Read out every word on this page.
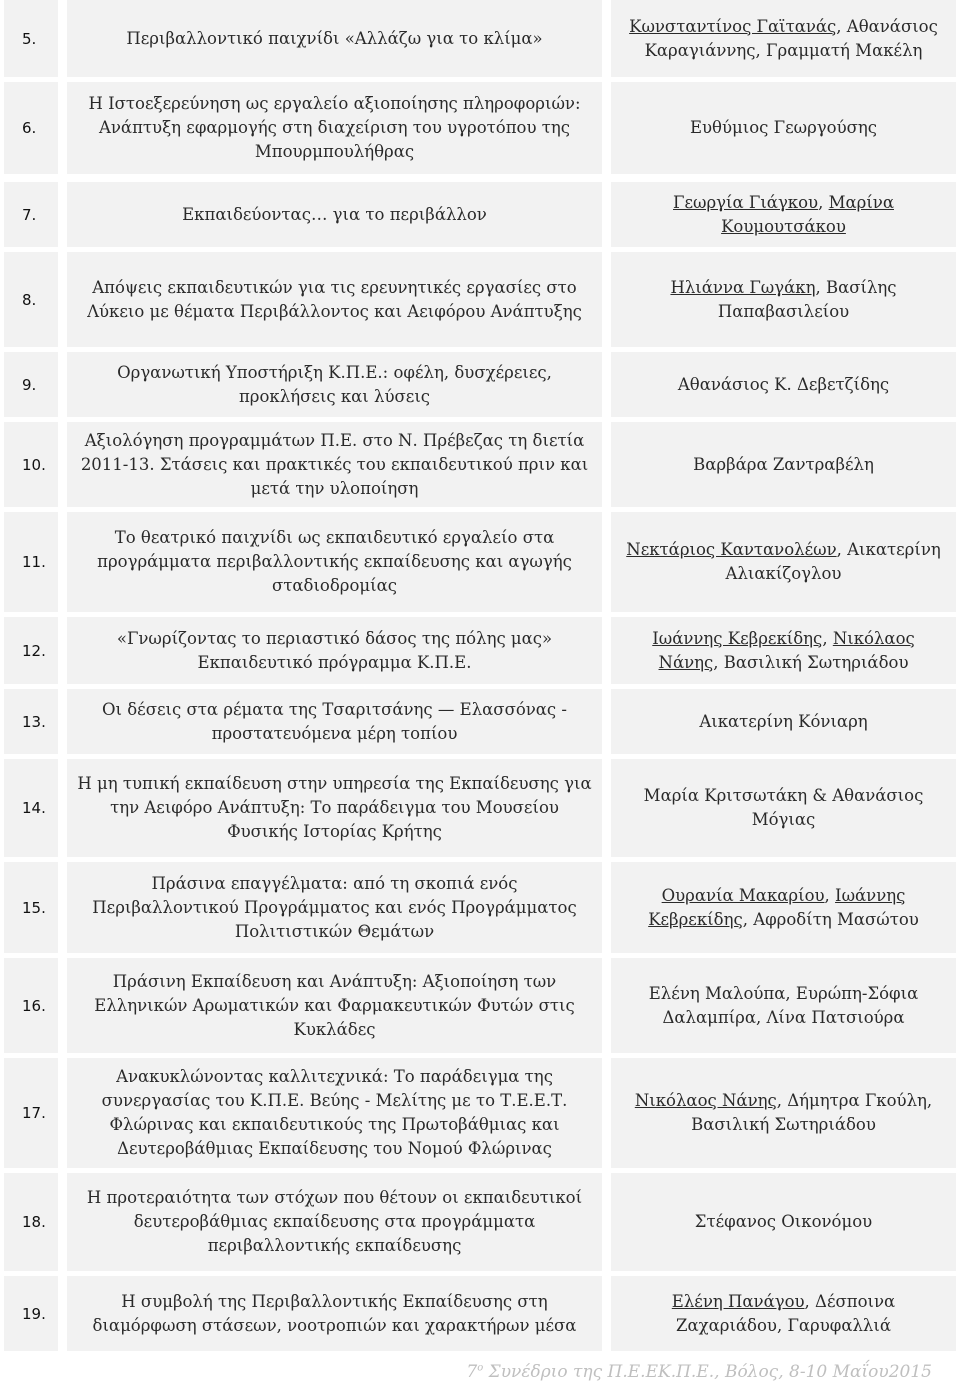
5.	Περιβαλλοντικό παιχνίδι «Αλλάζω για το κλίμα»
Κωνσταντίνος Γαϊτανάς, Αθανάσιος Καραγιάννης, Γραμματή Μακέλη
6.
Η Ιστοεξερεύνηση ως εργαλείο αξιοποίησης πληροφοριών: Ανάπτυξη εφαρμογής στη διαχείριση του υγροτόπου της Μπουρμπουλήθρας
Ευθύμιος Γεωργούσης
7.	Εκπαιδεύοντας… για το περιβάλλον
Γεωργία Γιάγκου, Μαρίνα Κουμουτσάκου
8.
Απόψεις εκπαιδευτικών για τις ερευνητικές εργασίες στο Λύκειο με θέματα Περιβάλλοντος και Αειφόρου Ανάπτυξης
Ηλιάννα Γωγάκη, Βασίλης Παπαβασιλείου
9.
Οργανωτική Υποστήριξη Κ.Π.Ε.: οφέλη, δυσχέρειες, προκλήσεις και λύσεις
Αθανάσιος Κ. Δεβετζίδης
10.
Αξιολόγηση προγραμμάτων Π.Ε. στο Ν. Πρέβεζας τη διετία 2011-13. Στάσεις και πρακτικές του εκπαιδευτικού πριν και μετά την υλοποίηση
Βαρβάρα Ζαντραβέλη
11.
Το θεατρικό παιχνίδι ως εκπαιδευτικό εργαλείο στα προγράμματα περιβαλλοντικής εκπαίδευσης και αγωγής σταδιοδρομίας
Νεκτάριος Καντανολέων, Αικατερίνη Αλιακίζογλου
12.
«Γνωρίζοντας το περιαστικό δάσος της πόλης μας» Εκπαιδευτικό πρόγραμμα Κ.Π.Ε.
Ιωάννης Κεβρεκίδης, Νικόλαος Νάνης, Βασιλική Σωτηριάδου
13.
Οι δέσεις στα ρέματα της Τσαριτσάνης — Ελασσόνας - προστατευόμενα μέρη τοπίου
Αικατερίνη Κόνιαρη
14.
Η μη τυπική εκπαίδευση στην υπηρεσία της Εκπαίδευσης για την Αειφόρο Ανάπτυξη: Το παράδειγμα του Μουσείου Φυσικής Ιστορίας Κρήτης
Μαρία Κριτσωτάκη & Αθανάσιος Μόγιας
15.
Πράσινα επαγγέλματα: από τη σκοπιά ενός Περιβαλλοντικού Προγράμματος και ενός Προγράμματος Πολιτιστικών Θεμάτων
Ουρανία Μακαρίου, Ιωάννης Κεβρεκίδης, Αφροδίτη Μασώτου
16.
Πράσινη Εκπαίδευση και Ανάπτυξη: Αξιοποίηση των Ελληνικών Αρωματικών και Φαρμακευτικών Φυτών στις Κυκλάδες
Ελένη Μαλούπα, Ευρώπη-Σόφια Δαλαμπίρα, Λίνα Πατσιούρα
17.
Ανακυκλώνοντας καλλιτεχνικά: Το παράδειγμα της συνεργασίας του Κ.Π.Ε. Βεύης - Μελίτης με το Τ.Ε.Ε.Τ. Φλώρινας και εκπαιδευτικούς της Πρωτοβάθμιας και Δευτεροβάθμιας Εκπαίδευσης του Νομού Φλώρινας
Νικόλαος Νάνης, Δήμητρα Γκούλη, Βασιλική Σωτηριάδου
18.
Η προτεραιότητα των στόχων που θέτουν οι εκπαιδευτικοί δευτεροβάθμιας εκπαίδευσης στα προγράμματα περιβαλλοντικής εκπαίδευσης
Στέφανος Οικονόμου
19.
Η συμβολή της Περιβαλλοντικής Εκπαίδευσης στη διαμόρφωση στάσεων, νοοτροπιών και χαρακτήρων μέσα
Ελένη Πανάγου, Δέσποινα Ζαχαριάδου, Γαρυφαλλιά
$7^o$ Συνέδριο της Π.Ε.ΕΚ.Π.Ε., Βόλος, 8-10 Μαΐου2015
